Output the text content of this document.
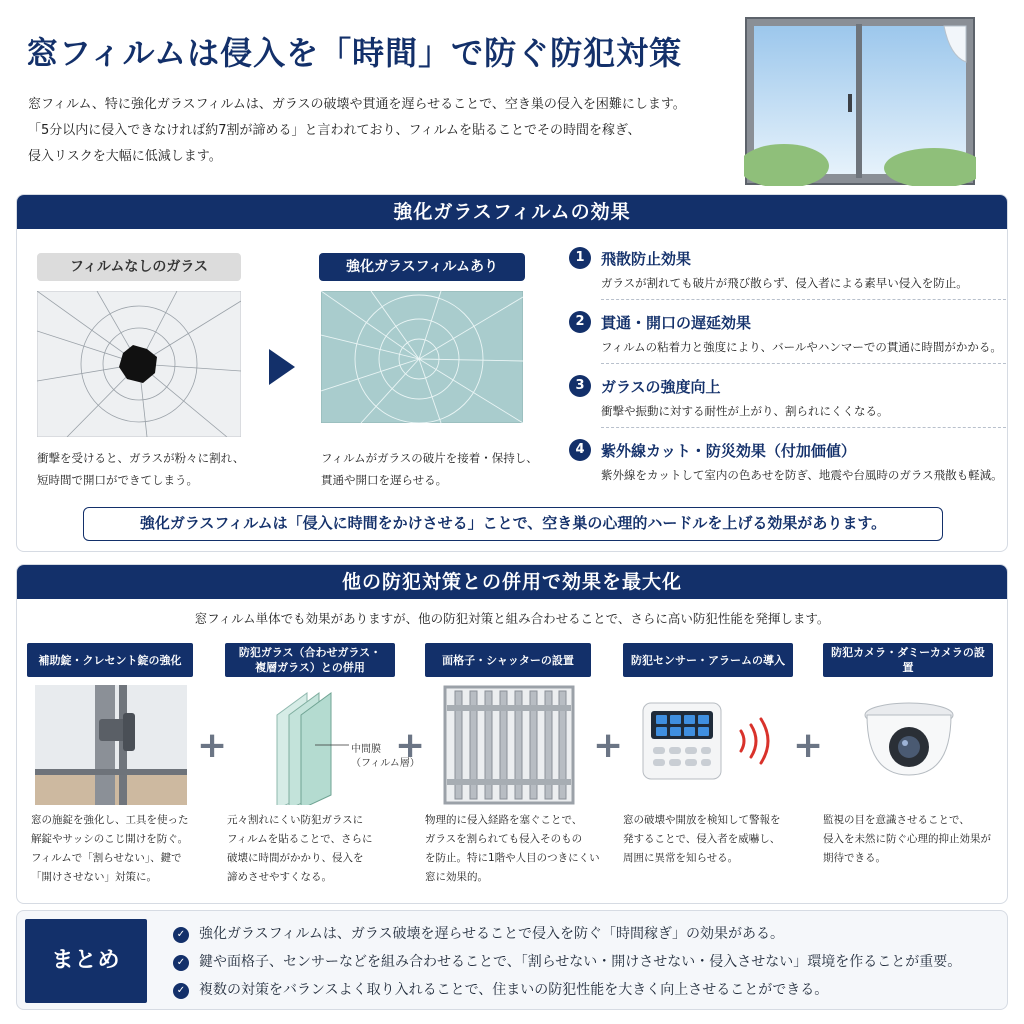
窓フィルムは侵入を「時間」で防ぐ防犯対策

窓フィルム、特に強化ガラスフィルムは、ガラスの破壊や貫通を遅らせることで、空き巣の侵入を困難にします。

「5分以内に侵入できなければ約7割が諦める」と言われており、フィルムを貼ることでその時間を稼ぎ、

侵入リスクを大幅に低減します。

強化ガラスフィルムの効果
フィルムなしのガラス	強化ガラスフィルムあり

衝撃を受けると、ガラスが粉々に割れ、

短時間で開口ができてしまう。

フィルムがガラスの破片を接着・保持し、

貫通や開口を遅らせる。

1	飛散防止効果
ガラスが割れても破片が飛び散らず、侵入者による素早い侵入を防止。
2	貫通・開口の遅延効果
フィルムの粘着力と強度により、バールやハンマーでの貫通に時間がかかる。
3	ガラスの強度向上
衝撃や振動に対する耐性が上がり、割られにくくなる。
4	紫外線カット・防災効果（付加価値）
紫外線をカットして室内の色あせを防ぎ、地震や台風時のガラス飛散も軽減。
強化ガラスフィルムは「侵入に時間をかけさせる」ことで、空き巣の心理的ハードルを上げる効果があります。
他の防犯対策との併用で効果を最大化
窓フィルム単体でも効果がありますが、他の防犯対策と組み合わせることで、さらに高い防犯性能を発揮します。
補助錠・クレセント錠の強化

窓の施錠を強化し、工具を使った

解錠やサッシのこじ開けを防ぐ。

フィルムで「割らせない」、鍵で

「開けさせない」対策に。

+
防犯ガラス（合わせガラス・
複層ガラス）との併用

中間膜

（フィルム層）

元々割れにくい防犯ガラスに

フィルムを貼ることで、さらに

破壊に時間がかかり、侵入を

諦めさせやすくなる。

+
面格子・シャッターの設置

物理的に侵入経路を塞ぐことで、

ガラスを割られても侵入そのもの

を防止。特に1階や人目のつきにくい

窓に効果的。

+
防犯センサー・アラームの導入

窓の破壊や開放を検知して警報を

発することで、侵入者を威嚇し、

周囲に異常を知らせる。

+
防犯カメラ・ダミーカメラの設置

監視の目を意識させることで、

侵入を未然に防ぐ心理的抑止効果が

期待できる。

まとめ
✓ 強化ガラスフィルムは、ガラス破壊を遅らせることで侵入を防ぐ「時間稼ぎ」の効果がある。
✓ 鍵や面格子、センサーなどを組み合わせることで、「割らせない・開けさせない・侵入させない」環境を作ることが重要。
✓ 複数の対策をバランスよく取り入れることで、住まいの防犯性能を大きく向上させることができる。
